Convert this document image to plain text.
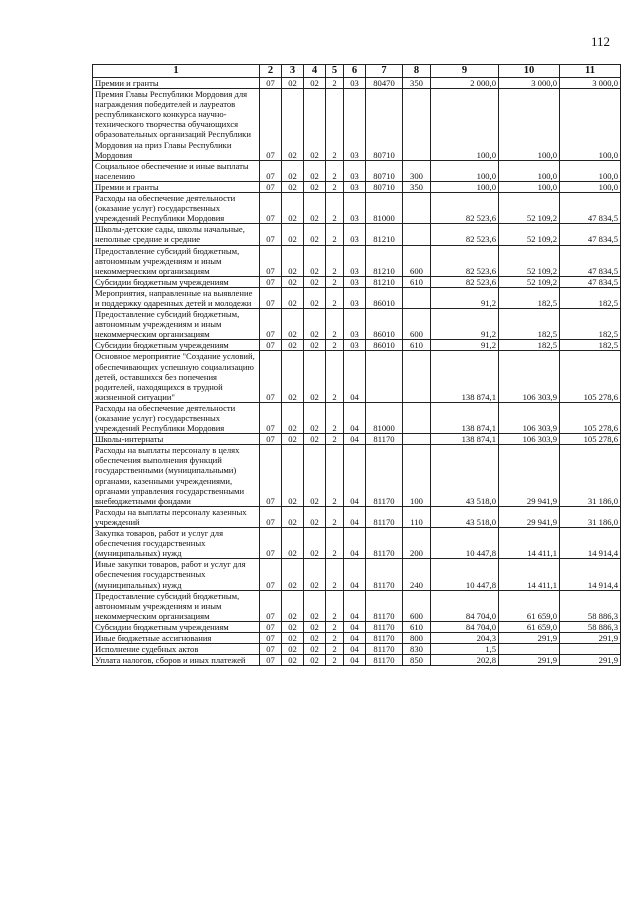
112
1	2	3	4	5	6	7	8	9	10	11
Премии и гранты	07	02	02	2	03	80470	350	2 000,0	3 000,0	3 000,0
Премия Главы Республики Мордовия для награждения победителей и лауреатов республиканского конкурса научно-технического творчества обучающихся образовательных организаций Республики Мордовия на приз Главы Республики Мордовия	07	02	02	2	03	80710		100,0	100,0	100,0
Социальное обеспечение и иные выплаты населению	07	02	02	2	03	80710	300	100,0	100,0	100,0
Премии и гранты	07	02	02	2	03	80710	350	100,0	100,0	100,0
Расходы на обеспечение деятельности (оказание услуг) государственных учреждений Республики Мордовия	07	02	02	2	03	81000		82 523,6	52 109,2	47 834,5
Школы-детские сады, школы начальные, неполные средние и средние	07	02	02	2	03	81210		82 523,6	52 109,2	47 834,5
Предоставление субсидий бюджетным, автономным учреждениям и иным некоммерческим организациям	07	02	02	2	03	81210	600	82 523,6	52 109,2	47 834,5
Субсидии бюджетным учреждениям	07	02	02	2	03	81210	610	82 523,6	52 109,2	47 834,5
Мероприятия, направленные на выявление и поддержку одаренных детей и молодежи	07	02	02	2	03	86010		91,2	182,5	182,5
Предоставление субсидий бюджетным, автономным учреждениям и иным некоммерческим организациям	07	02	02	2	03	86010	600	91,2	182,5	182,5
Субсидии бюджетным учреждениям	07	02	02	2	03	86010	610	91,2	182,5	182,5
Основное мероприятие "Создание условий, обеспечивающих успешную социализацию детей, оставшихся без попечения родителей, находящихся в трудной жизненной ситуации"	07	02	02	2	04			138 874,1	106 303,9	105 278,6
Расходы на обеспечение деятельности (оказание услуг) государственных учреждений Республики Мордовия	07	02	02	2	04	81000		138 874,1	106 303,9	105 278,6
Школы-интернаты	07	02	02	2	04	81170		138 874,1	106 303,9	105 278,6
Расходы на выплаты персоналу в целях обеспечения выполнения функций государственными (муниципальными) органами, казенными учреждениями, органами управления государственными внебюджетными фондами	07	02	02	2	04	81170	100	43 518,0	29 941,9	31 186,0
Расходы на выплаты персоналу казенных учреждений	07	02	02	2	04	81170	110	43 518,0	29 941,9	31 186,0
Закупка товаров, работ и услуг для обеспечения государственных (муниципальных) нужд	07	02	02	2	04	81170	200	10 447,8	14 411,1	14 914,4
Иные закупки товаров, работ и услуг для обеспечения государственных (муниципальных) нужд	07	02	02	2	04	81170	240	10 447,8	14 411,1	14 914,4
Предоставление субсидий бюджетным, автономным учреждениям и иным некоммерческим организациям	07	02	02	2	04	81170	600	84 704,0	61 659,0	58 886,3
Субсидии бюджетным учреждениям	07	02	02	2	04	81170	610	84 704,0	61 659,0	58 886,3
Иные бюджетные ассигнования	07	02	02	2	04	81170	800	204,3	291,9	291,9
Исполнение судебных актов	07	02	02	2	04	81170	830	1,5		
Уплата налогов, сборов и иных платежей	07	02	02	2	04	81170	850	202,8	291,9	291,9
